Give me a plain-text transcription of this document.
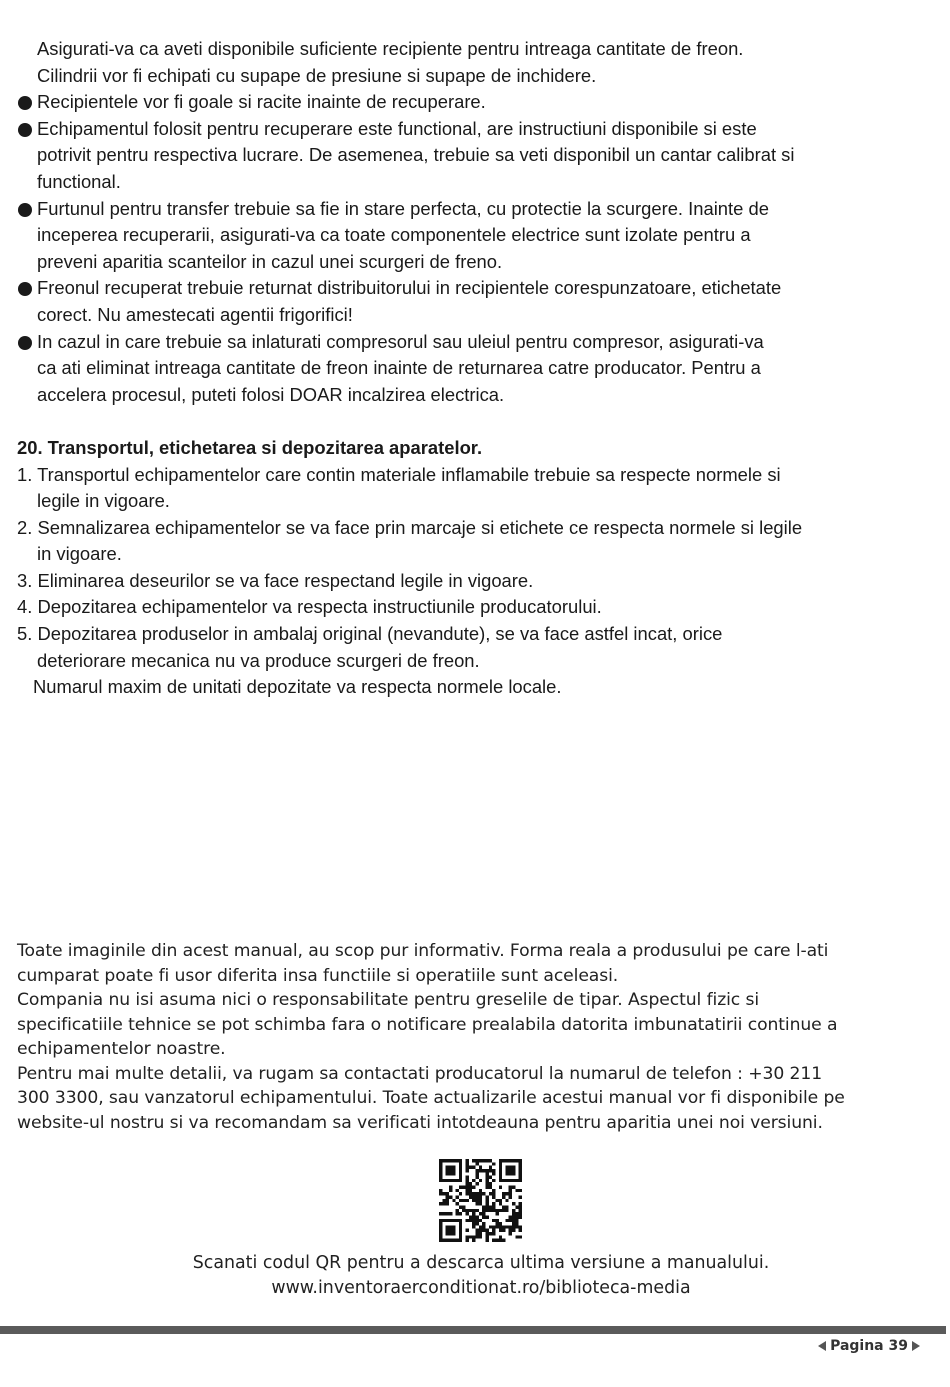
Asigurati-va ca aveti disponibile suficiente recipiente pentru intreaga cantitate de freon.
Cilindrii vor fi echipati cu supape de presiune si supape de inchidere.
Recipientele vor fi goale si racite inainte de recuperare.
Echipamentul folosit pentru recuperare este functional, are instructiuni disponibile si este
potrivit pentru respectiva lucrare. De asemenea, trebuie sa veti disponibil un cantar calibrat si
functional.
Furtunul pentru transfer trebuie sa fie in stare perfecta, cu protectie la scurgere. Inainte de
inceperea recuperarii, asigurati-va ca toate componentele electrice sunt izolate pentru a
preveni aparitia scanteilor in cazul unei scurgeri de freno.
Freonul recuperat trebuie returnat distribuitorului in recipientele corespunzatoare, etichetate
corect. Nu amestecati agentii frigorifici!
In cazul in care trebuie sa inlaturati compresorul sau uleiul pentru compresor, asigurati-va
ca ati eliminat intreaga cantitate de freon inainte de returnarea catre producator. Pentru a
accelera procesul, puteti folosi DOAR incalzirea electrica.
20. Transportul, etichetarea si depozitarea aparatelor.
1. Transportul echipamentelor care contin materiale inflamabile trebuie sa respecte normele si
legile in vigoare.
2. Semnalizarea echipamentelor se va face prin marcaje si etichete ce respecta normele si legile
in vigoare.
3. Eliminarea deseurilor se va face respectand legile in vigoare.
4. Depozitarea echipamentelor va respecta instructiunile producatorului.
5. Depozitarea produselor in ambalaj original (nevandute), se va face astfel incat, orice
deteriorare mecanica nu va produce scurgeri de freon.
Numarul maxim de unitati depozitate va respecta normele locale.

Toate imaginile din acest manual, au scop pur informativ. Forma reala a produsului pe care l-ati

cumparat poate fi usor diferita insa functiile si operatiile sunt aceleasi.

Compania nu isi asuma nici o responsabilitate pentru greselile de tipar. Aspectul fizic si

specificatiile tehnice se pot schimba fara o notificare prealabila datorita imbunatatirii continue a

echipamentelor noastre.

Pentru mai multe detalii, va rugam sa contactati producatorul la numarul de telefon : +30 211

300 3300, sau vanzatorul echipamentului. Toate actualizarile acestui manual vor fi disponibile pe

website-ul nostru si va recomandam sa verificati intotdeauna pentru aparitia unei noi versiuni.

Scanati codul QR pentru a descarca ultima versiune a manualului.
www.inventoraerconditionat.ro/biblioteca-media
Pagina 39
